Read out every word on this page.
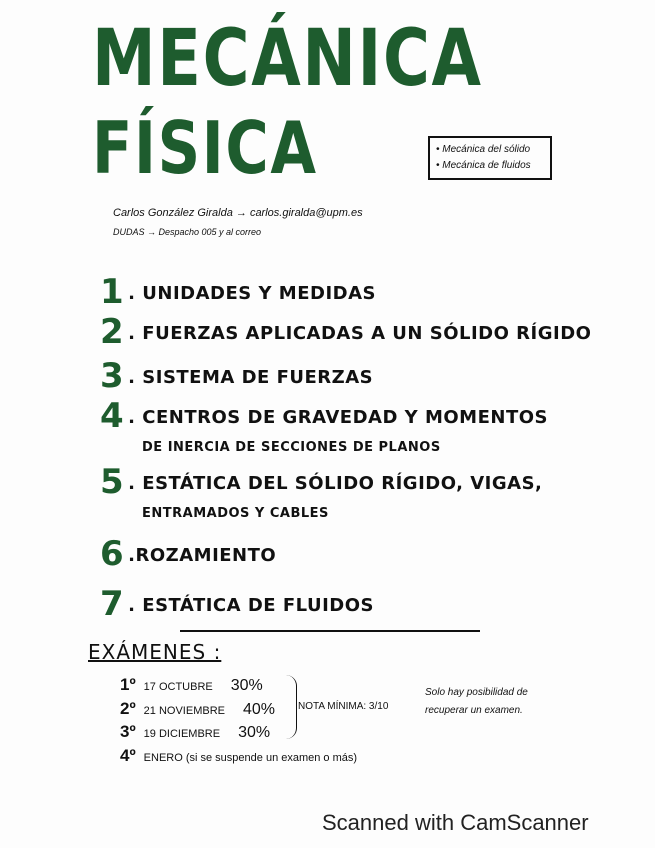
MECÁNICA
FÍSICA
•	Mecánica del sólido
• Mecánica de fluidos
Carlos González Giralda → carlos.giralda@upm.es
DUDAS → Despacho 005 y al correo
1 . UNIDADES Y MEDIDAS
2 . FUERZAS APLICADAS A UN SÓLIDO RÍGIDO
3 . SISTEMA DE FUERZAS
4 . CENTROS DE GRAVEDAD Y MOMENTOS
DE INERCIA DE SECCIONES DE PLANOS
5 . ESTÁTICA DEL SÓLIDO RÍGIDO, VIGAS,
ENTRAMADOS Y CABLES
6 .ROZAMIENTO
7 . ESTÁTICA DE FLUIDOS
EXÁMENES :
1º 17 OCTUBRE 30%
2º 21 NOVIEMBRE 40%
3º 19 DICIEMBRE 30%
4º ENERO (si se suspende un examen o más)
NOTA MÍNIMA: 3/10
Solo hay posibilidad de recuperar un examen.
Scanned with CamScanner
